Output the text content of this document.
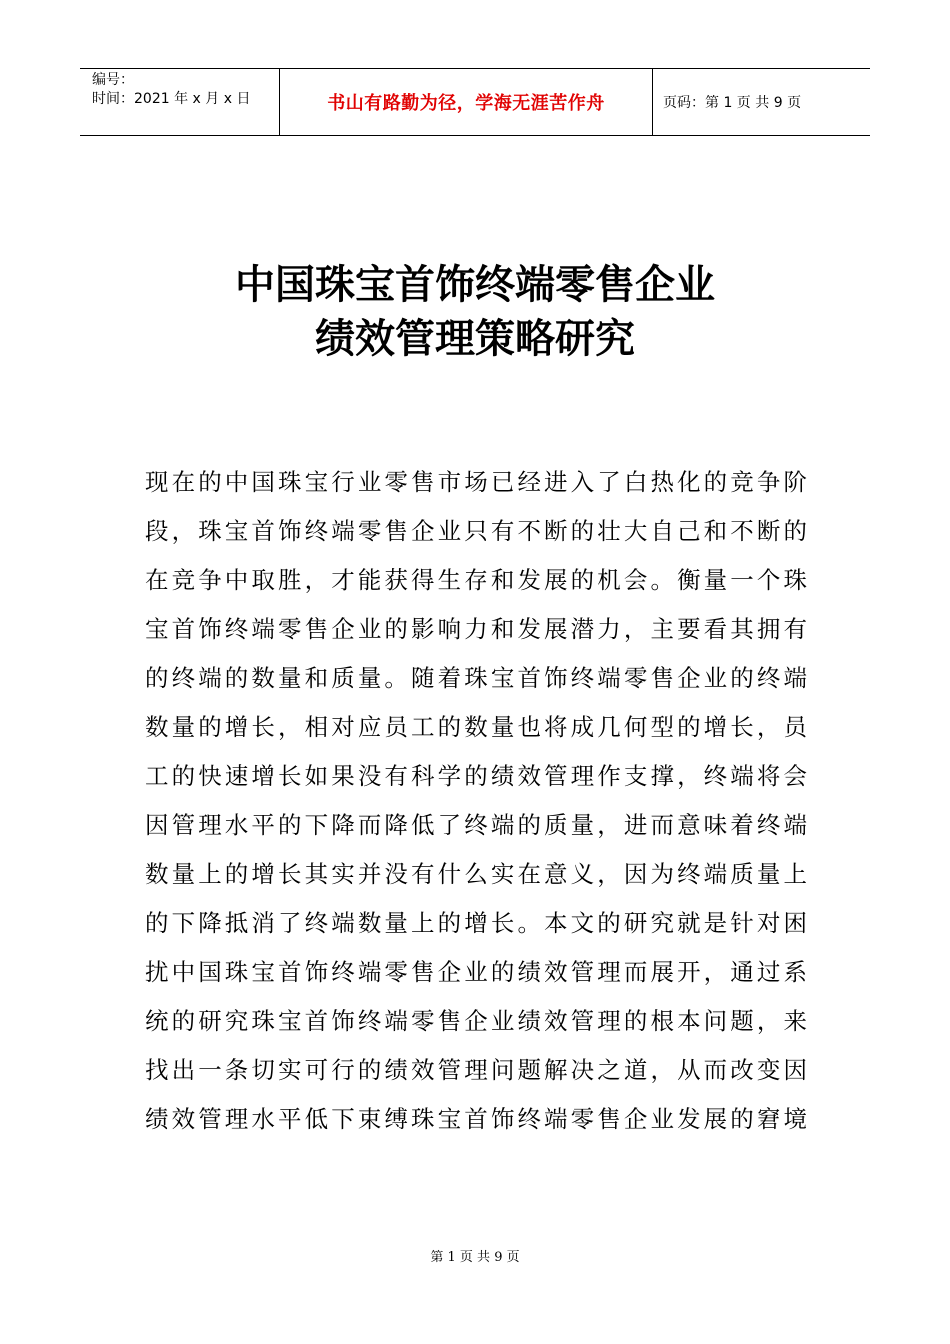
编号：
时间：2021 年 x 月 x 日	书山有路勤为径，学海无涯苦作舟	页码：第 1 页 共 9 页
中国珠宝首饰终端零售企业
绩效管理策略研究
现在的中国珠宝行业零售市场已经进入了白热化的竞争阶
段，珠宝首饰终端零售企业只有不断的壮大自己和不断的
在竞争中取胜，才能获得生存和发展的机会。衡量一个珠
宝首饰终端零售企业的影响力和发展潜力，主要看其拥有
的终端的数量和质量。随着珠宝首饰终端零售企业的终端
数量的增长，相对应员工的数量也将成几何型的增长，员
工的快速增长如果没有科学的绩效管理作支撑，终端将会
因管理水平的下降而降低了终端的质量，进而意味着终端
数量上的增长其实并没有什么实在意义，因为终端质量上
的下降抵消了终端数量上的增长。本文的研究就是针对困
扰中国珠宝首饰终端零售企业的绩效管理而展开，通过系
统的研究珠宝首饰终端零售企业绩效管理的根本问题，来
找出一条切实可行的绩效管理问题解决之道，从而改变因
绩效管理水平低下束缚珠宝首饰终端零售企业发展的窘境
第 1 页 共 9 页
